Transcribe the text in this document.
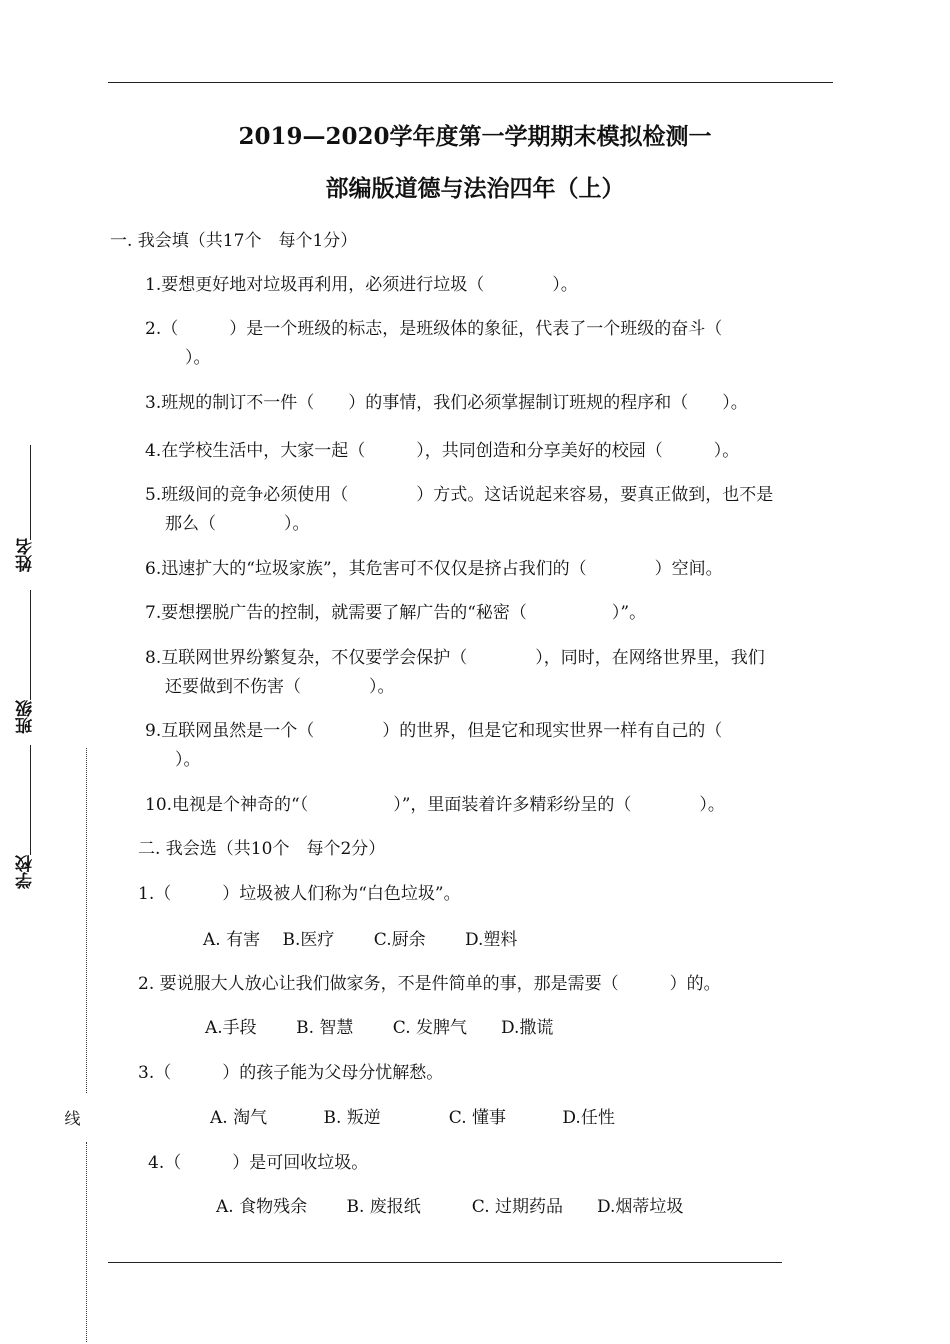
2019—2020学年度第一学期期末模拟检测一
部编版道德与法治四年（上）
姓名
班级
学校
线
一. 我会填（共17个　每个1分）
1.要想更好地对垃圾再利用，必须进行垃圾（　　　　）。
2.（　　　）是一个班级的标志，是班级体的象征，代表了一个班级的奋斗（
）。
3.班规的制订不一件（　　）的事情，我们必须掌握制订班规的程序和（　　）。
4.在学校生活中，大家一起（　　　），共同创造和分享美好的校园（　　　）。
5.班级间的竞争必须使用（　　　　）方式。这话说起来容易，要真正做到，也不是
那么（　　　　）。
6.迅速扩大的“垃圾家族”，其危害可不仅仅是挤占我们的（　　　　）空间。
7.要想摆脱广告的控制，就需要了解广告的“秘密（　　　　　）”。
8.互联网世界纷繁复杂，不仅要学会保护（　　　　），同时，在网络世界里，我们
还要做到不伤害（　　　　）。
9.互联网虽然是一个（　　　　）的世界，但是它和现实世界一样有自己的（
）。
10.电视是个神奇的“（　　　　　）”，里面装着许多精彩纷呈的（　　　　）。
二. 我会选（共10个　每个2分）
1.（　　　）垃圾被人们称为“白色垃圾”。
A. 有害　 B.医疗　　 C.厨余　　 D.塑料
2. 要说服大人放心让我们做家务，不是件简单的事，那是需要（　　　）的。
A.手段　　 B. 智慧　　 C. 发脾气　　D.撒谎
3.（　　　）的孩子能为父母分忧解愁。
A. 淘气　　　 B. 叛逆　　　　C. 懂事　　　 D.任性
4.（　　　）是可回收垃圾。
A. 食物残余　　 B. 废报纸　　　C. 过期药品　　D.烟蒂垃圾
